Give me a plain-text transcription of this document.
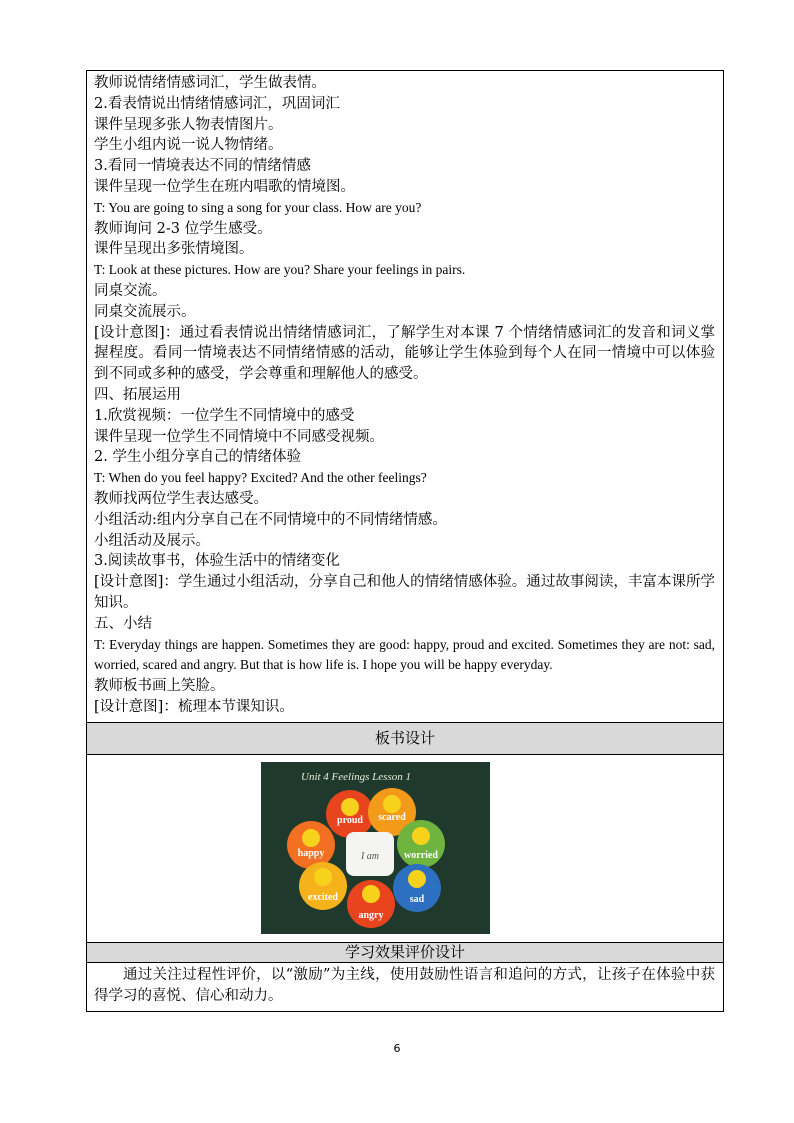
教师说情绪情感词汇，学生做表情。
2.看表情说出情绪情感词汇，巩固词汇
课件呈现多张人物表情图片。
学生小组内说一说人物情绪。
3.看同一情境表达不同的情绪情感
课件呈现一位学生在班内唱歌的情境图。
T: You are going to sing a song for your class. How are you?
教师询问 2-3 位学生感受。
课件呈现出多张情境图。
T: Look at these pictures. How are you? Share your feelings in pairs.
同桌交流。
同桌交流展示。
[设计意图]：通过看表情说出情绪情感词汇，了解学生对本课 7 个情绪情感词汇的发音和词义掌握程度。看同一情境表达不同情绪情感的活动，能够让学生体验到每个人在同一情境中可以体验到不同或多种的感受，学会尊重和理解他人的感受。
四、拓展运用
1.欣赏视频：一位学生不同情境中的感受
课件呈现一位学生不同情境中不同感受视频。
2. 学生小组分享自己的情绪体验
T: When do you feel happy? Excited? And the other feelings?
教师找两位学生表达感受。
小组活动:组内分享自己在不同情境中的不同情绪情感。
小组活动及展示。
3.阅读故事书，体验生活中的情绪变化
[设计意图]：学生通过小组活动，分享自己和他人的情绪情感体验。通过故事阅读，丰富本课所学知识。
五、小结
T: Everyday things are happen. Sometimes they are good: happy, proud and excited. Sometimes they are not: sad, worried, scared and angry. But that is how life is. I hope you will be happy everyday.
教师板书画上笑脸。
[设计意图]：梳理本节课知识。
板书设计
Unit 4 Feelings Lesson 1
proud scared
happy	worried
excited	sad
angry
I am
学习效果评价设计
通过关注过程性评价，以“激励”为主线，使用鼓励性语言和追问的方式，让孩子在体验中获得学习的喜悦、信心和动力。
6
